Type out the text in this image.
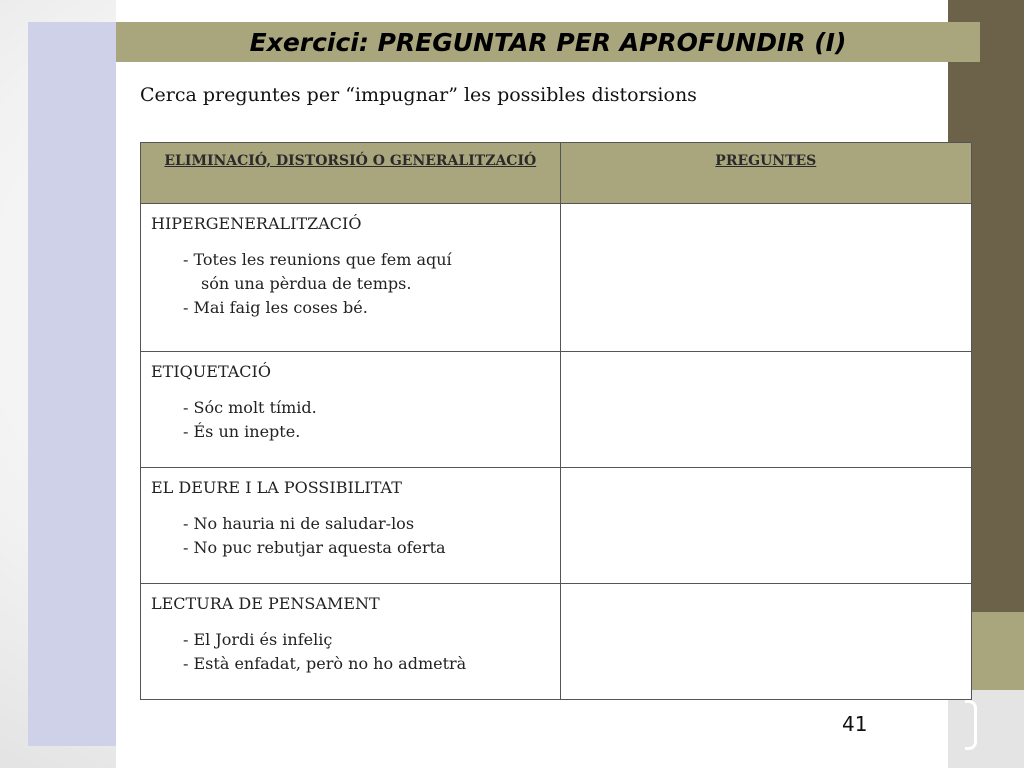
Exercici: PREGUNTAR PER APROFUNDIR (I)
Cerca preguntes per “impugnar” les possibles distorsions
ELIMINACIÓ, DISTORSIÓ O GENERALITZACIÓ	PREGUNTES

HIPERGENERALITZACIÓ
- Totes les reunions que fem aquí
són una pèrdua de temps.
- Mai faig les coses bé.	

ETIQUETACIÓ
- Sóc molt tímid.
- És un inepte.	

EL DEURE I LA POSSIBILITAT
- No hauria ni de saludar-los
- No puc rebutjar aquesta oferta	

LECTURA DE PENSAMENT
- El Jordi és infeliç
- Està enfadat, però no ho admetrà	

41
